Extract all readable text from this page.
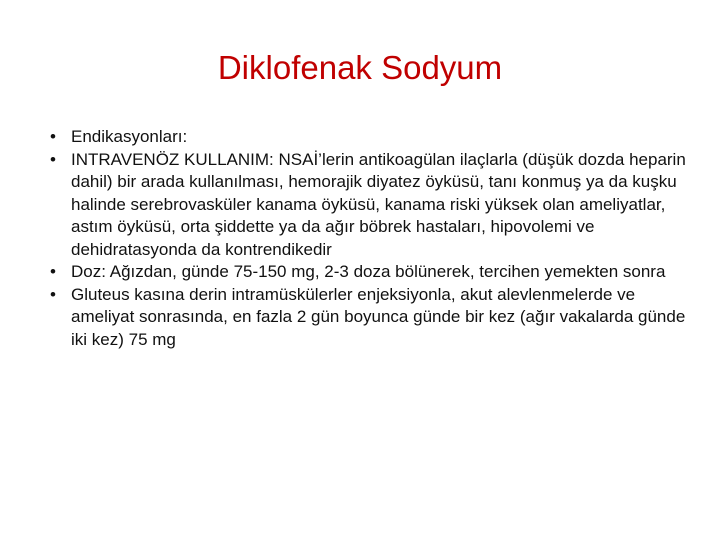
Diklofenak Sodyum
• Endikasyonları:
• INTRAVENÖZ KULLANIM: NSAİ’lerin antikoagülan ilaçlarla (düşük dozda heparin dahil) bir arada kullanılması, hemorajik diyatez öyküsü, tanı konmuş ya da kuşku halinde serebrovasküler kanama öyküsü, kanama riski yüksek olan ameliyatlar, astım öyküsü, orta şiddette ya da ağır böbrek hastaları, hipovolemi ve dehidratasyonda da kontrendikedir
• Doz: Ağızdan, günde 75-150 mg, 2-3 doza bölünerek, tercihen yemekten sonra
• Gluteus kasına derin intramüskülerler enjeksiyonla, akut alevlenmelerde ve ameliyat sonrasında, en fazla 2 gün boyunca günde bir kez (ağır vakalarda günde iki kez) 75 mg
